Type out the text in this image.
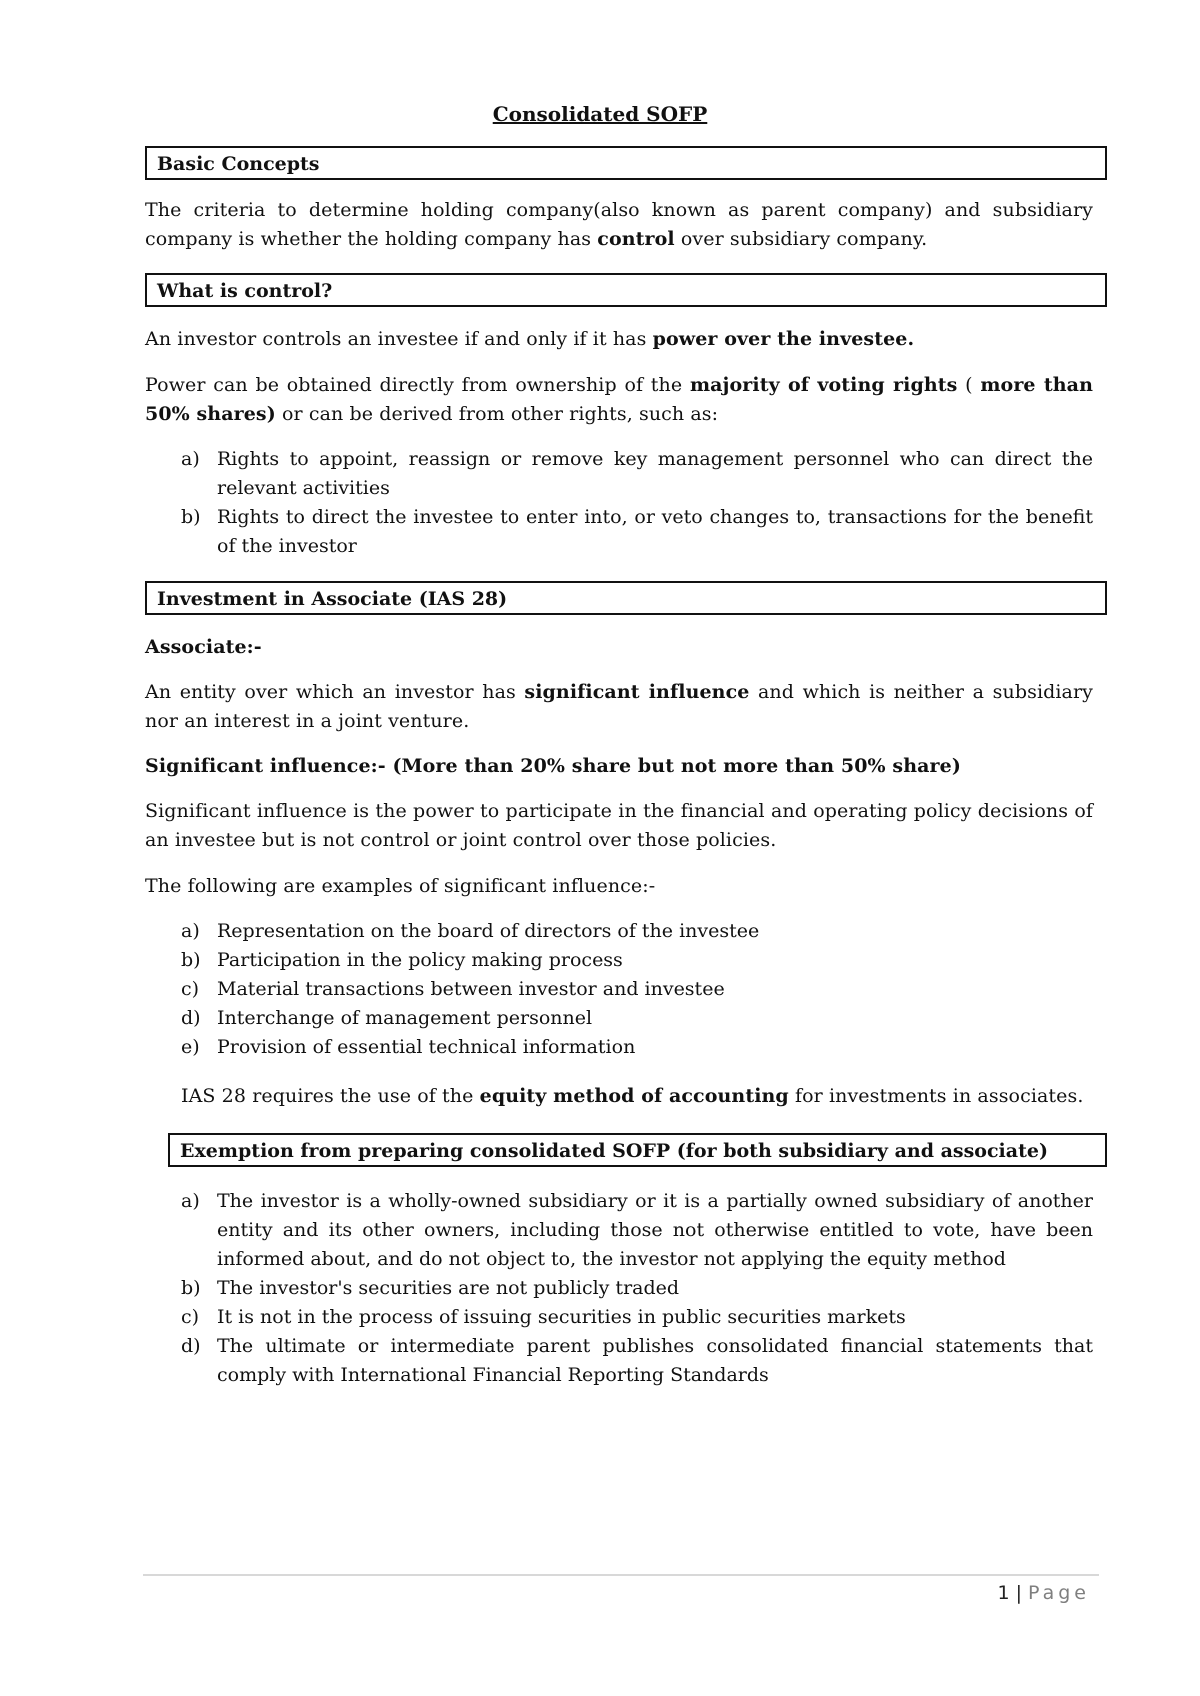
Consolidated SOFP
Basic Concepts

The criteria to determine holding company(also known as parent company) and subsidiary company is whether the holding company has control over subsidiary company.

What is control?

An investor controls an investee if and only if it has power over the investee.

Power can be obtained directly from ownership of the majority of voting rights ( more than 50% shares) or can be derived from other rights, such as:

a) Rights to appoint, reassign or remove key management personnel who can direct the relevant activities
b) Rights to direct the investee to enter into, or veto changes to, transactions for the benefit of the investor
Investment in Associate (IAS 28)

Associate:-

An entity over which an investor has significant influence and which is neither a subsidiary nor an interest in a joint venture.

Significant influence:- (More than 20% share but not more than 50% share)

Significant influence is the power to participate in the financial and operating policy decisions of an investee but is not control or joint control over those policies.

The following are examples of significant influence:-

a) Representation on the board of directors of the investee
b) Participation in the policy making process
c) Material transactions between investor and investee
d) Interchange of management personnel
e) Provision of essential technical information

IAS 28 requires the use of the equity method of accounting for investments in associates.

Exemption from preparing consolidated SOFP (for both subsidiary and associate)
a) The investor is a wholly-owned subsidiary or it is a partially owned subsidiary of another entity and its other owners, including those not otherwise entitled to vote, have been informed about, and do not object to, the investor not applying the equity method
b) The investor's securities are not publicly traded
c) It is not in the process of issuing securities in public securities markets
d) The ultimate or intermediate parent publishes consolidated financial statements that comply with International Financial Reporting Standards
1 | Page
